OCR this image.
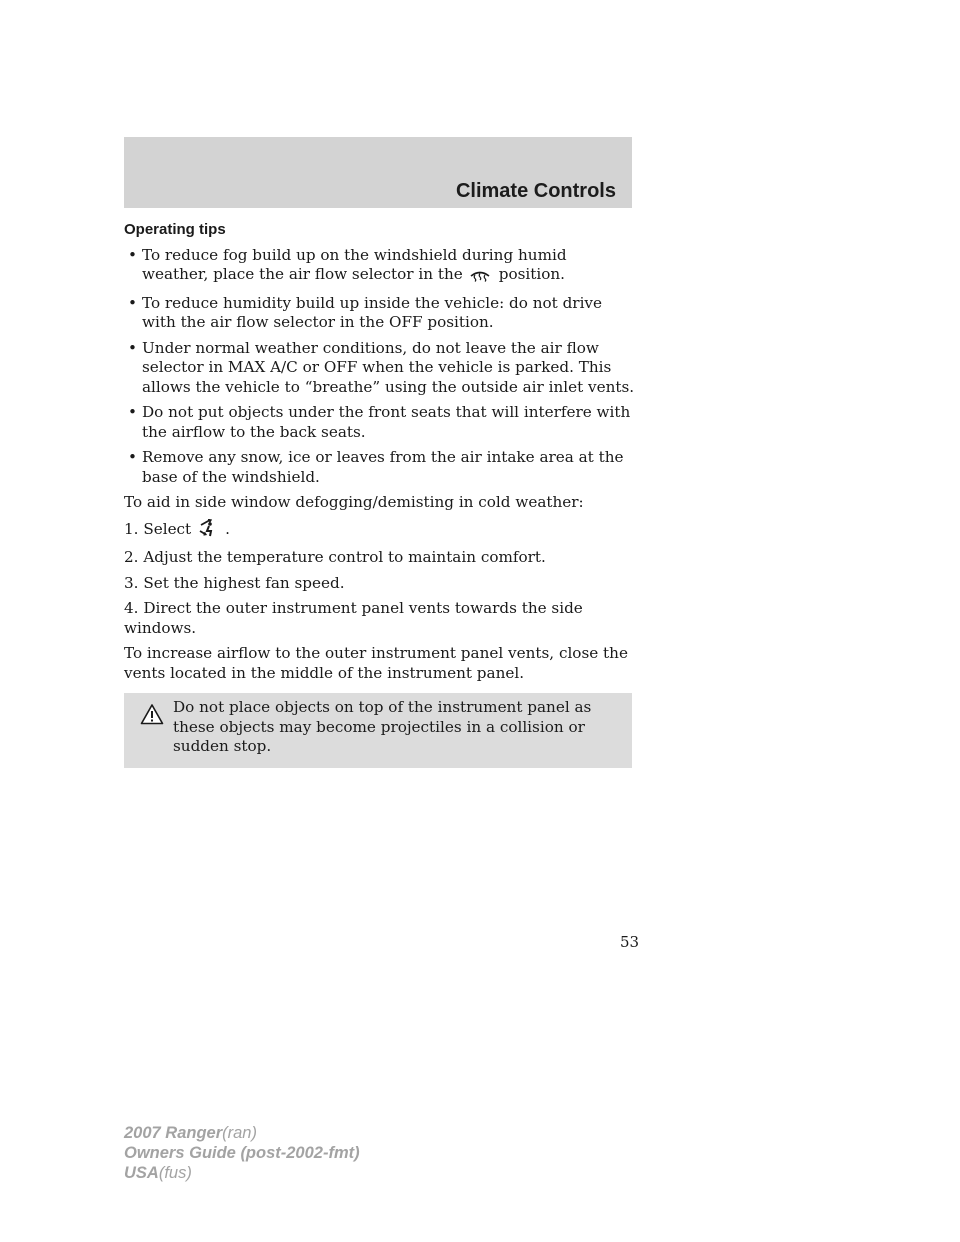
Climate Controls
Operating tips
• To reduce fog build up on the windshield during humid weather, place the air flow selector in the position.
• To reduce humidity build up inside the vehicle: do not drive with the air flow selector in the OFF position.
• Under normal weather conditions, do not leave the air flow selector in MAX A/C or OFF when the vehicle is parked. This allows the vehicle to “breathe” using the outside air inlet vents.
• Do not put objects under the front seats that will interfere with the airflow to the back seats.
• Remove any snow, ice or leaves from the air intake area at the base of the windshield.

To aid in side window defogging/demisting in cold weather:

1. Select .

2. Adjust the temperature control to maintain comfort.

3. Set the highest fan speed.

4. Direct the outer instrument panel vents towards the side windows.

To increase airflow to the outer instrument panel vents, close the vents located in the middle of the instrument panel.

Do not place objects on top of the instrument panel as these objects may become projectiles in a collision or sudden stop.
53
2007 Ranger(ran)
Owners Guide (post-2002-fmt)
USA(fus)
